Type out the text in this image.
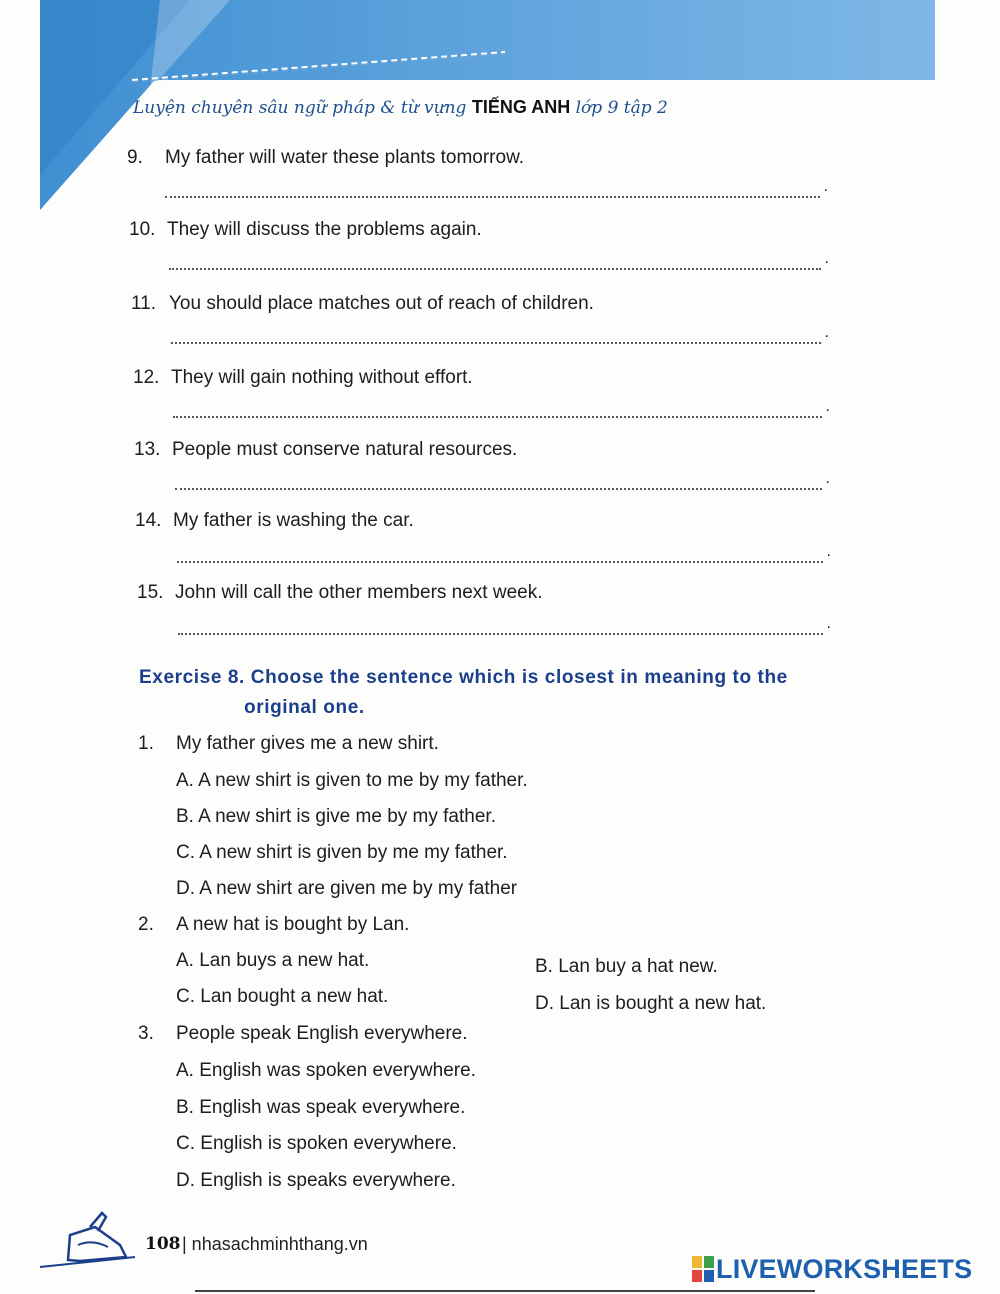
Luyện chuyên sâu ngữ pháp & từ vựng TIẾNG ANH lớp 9 tập 2
9. My father will water these plants tomorrow.
.
10. They will discuss the problems again.
.
11. You should place matches out of reach of children.
.
12. They will gain nothing without effort.
.
13. People must conserve natural resources.
.
14. My father is washing the car.
.
15. John will call the other members next week.
.
Exercise 8. Choose the sentence which is closest in meaning to the
original one.
1. My father gives me a new shirt.
A. A new shirt is given to me by my father.
B. A new shirt is give me by my father.
C. A new shirt is given by me my father.
D. A new shirt are given me by my father
2. A new hat is bought by Lan.
A. Lan buys a new hat.	B. Lan buy a hat new.
C. Lan bought a new hat.	D. Lan is bought a new hat.
3. People speak English everywhere.
A. English was spoken everywhere.
B. English was speak everywhere.
C. English is spoken everywhere.
D. English is speaks everywhere.
108 | nhasachminhthang.vn
LIVEWORKSHEETS
